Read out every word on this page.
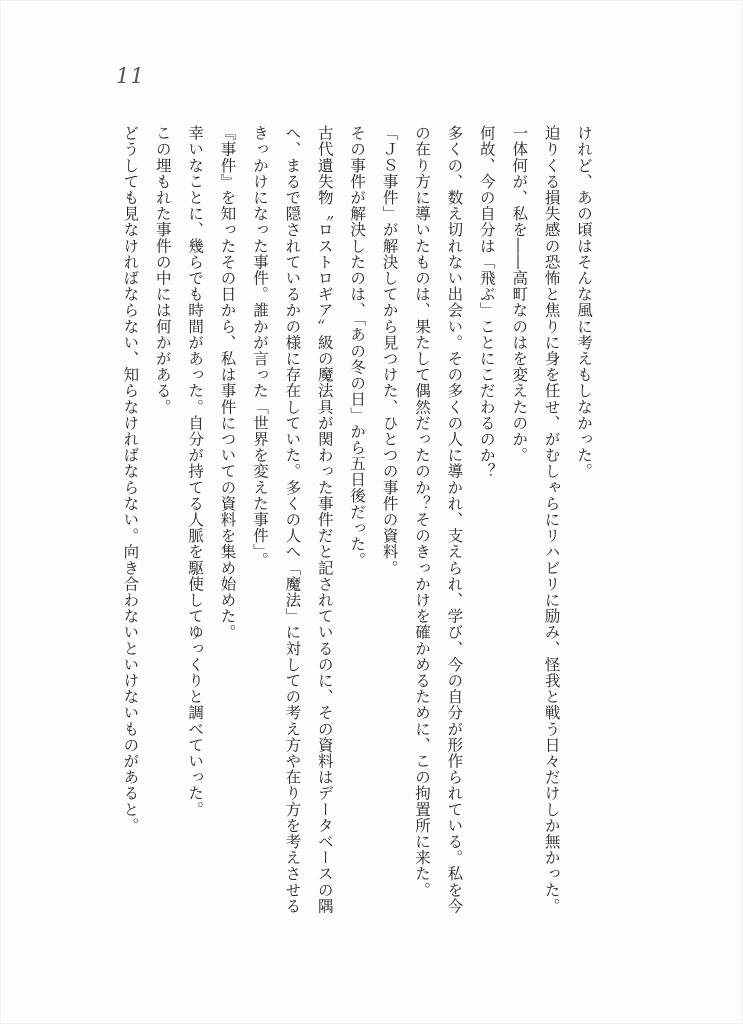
11

けれど、あの頃はそんな風に考えもしなかった。

迫りくる損失感の恐怖と焦りに身を任せ、がむしゃらにリハビリに励み、怪我と戦う日々だけしか無かった。

一体何が、私を――高町なのはを変えたのか。

何故、今の自分は「飛ぶ」ことにこだわるのか？

多くの、数え切れない出会い。その多くの人に導かれ、支えられ、学び、今の自分が形作られている。私を今の在り方に導いたものは、果たして偶然だったのか？そのきっかけを確かめるために、この拘置所に来た。

「ＪＳ事件」が解決してから見つけた、ひとつの事件の資料。

その事件が解決したのは、「あの冬の日」から五日後だった。

古代遺失物〝ロストロギア〟級の魔法具が関わった事件だと記されているのに、その資料はデータベースの隅へ、まるで隠されているかの様に存在していた。多くの人へ「魔法」に対しての考え方や在り方を考えさせるきっかけになった事件。誰かが言った「世界を変えた事件」。

『事件』を知ったその日から、私は事件についての資料を集め始めた。

幸いなことに、幾らでも時間があった。自分が持てる人脈を駆使してゆっくりと調べていった。

この埋もれた事件の中には何かがある。

どうしても見なければならない、知らなければならない。向き合わないといけないものがあると。
